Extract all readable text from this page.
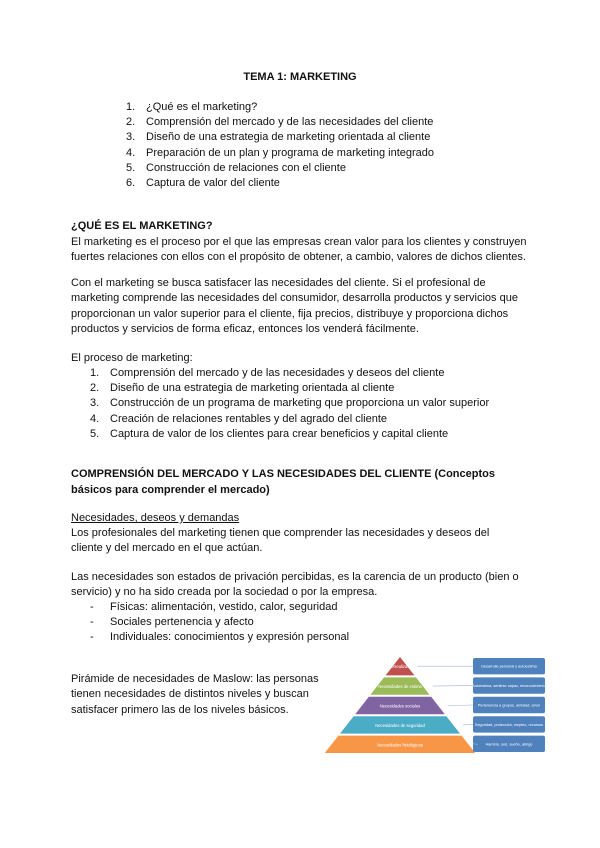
TEMA 1: MARKETING
1. ¿Qué es el marketing?
2. Comprensión del mercado y de las necesidades del cliente
3. Diseño de una estrategia de marketing orientada al cliente
4. Preparación de un plan y programa de marketing integrado
5. Construcción de relaciones con el cliente
6. Captura de valor del cliente
¿QUÉ ES EL MARKETING?
El marketing es el proceso por el que las empresas crean valor para los clientes y construyen fuertes relaciones con ellos con el propósito de obtener, a cambio, valores de dichos clientes.
Con el marketing se busca satisfacer las necesidades del cliente. Si el profesional de marketing comprende las necesidades del consumidor, desarrolla productos y servicios que proporcionan un valor superior para el cliente, fija precios, distribuye y proporciona dichos productos y servicios de forma eficaz, entonces los venderá fácilmente.
El proceso de marketing:
1. Comprensión del mercado y de las necesidades y deseos del cliente
2. Diseño de una estrategia de marketing orientada al cliente
3. Construcción de un programa de marketing que proporciona un valor superior
4. Creación de relaciones rentables y del agrado del cliente
5. Captura de valor de los clientes para crear beneficios y capital cliente
COMPRENSIÓN DEL MERCADO Y LAS NECESIDADES DEL CLIENTE (Conceptos básicos para comprender el mercado)
Necesidades, deseos y demandas
Los profesionales del marketing tienen que comprender las necesidades y deseos del cliente y del mercado en el que actúan.
Las necesidades son estados de privación percibidas, es la carencia de un producto (bien o servicio) y no ha sido creada por la sociedad o por la empresa.
- Físicas: alimentación, vestido, calor, seguridad
- Sociales pertenencia y afecto
- Individuales: conocimientos y expresión personal
Pirámide de necesidades de Maslow: las personas tienen necesidades de distintos niveles y buscan satisfacer primero las de los niveles básicos.
Autorrealización
Necesidades de estima
Necesidades sociales
Necesidades de seguridad
Necesidades fisiológicas
Desarrollo personal y autoestima
Autoestima, sentirse capaz, reconocimiento
Pertenencia a grupos, amistad, amor
Seguridad, protección, empleo, recursos
Hambre, sed, sueño, abrigo
